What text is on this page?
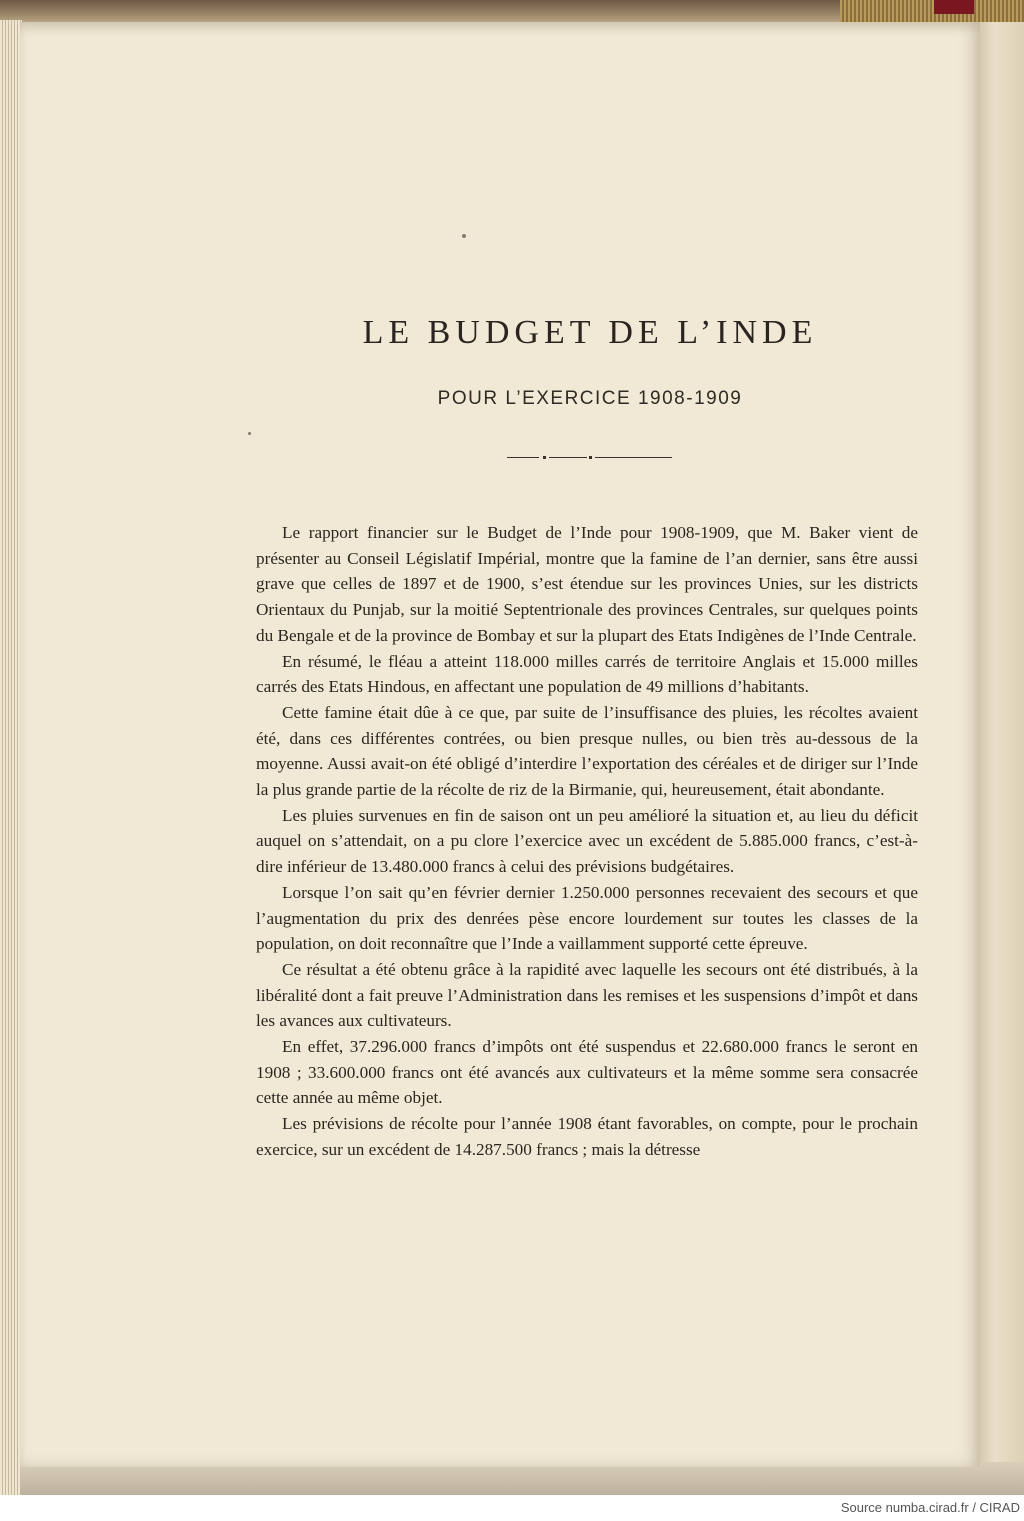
LE BUDGET DE L’INDE
POUR L’EXERCICE 1908-1909

Le rapport financier sur le Budget de l’Inde pour 1908-1909, que M. Baker vient de présenter au Conseil Législatif Impérial, montre que la famine de l’an dernier, sans être aussi grave que celles de 1897 et de 1900, s’est étendue sur les provinces Unies, sur les districts Orientaux du Punjab, sur la moitié Septentrionale des provinces Centrales, sur quelques points du Bengale et de la province de Bombay et sur la plupart des Etats Indigènes de l’Inde Centrale.

En résumé, le fléau a atteint 118.000 milles carrés de territoire Anglais et 15.000 milles carrés des Etats Hindous, en affectant une population de 49 millions d’habitants.

Cette famine était dûe à ce que, par suite de l’insuffisance des pluies, les récoltes avaient été, dans ces différentes contrées, ou bien presque nulles, ou bien très au-dessous de la moyenne. Aussi avait-on été obligé d’interdire l’exportation des céréales et de diriger sur l’Inde la plus grande partie de la récolte de riz de la Birmanie, qui, heureusement, était abondante.

Les pluies survenues en fin de saison ont un peu amélioré la situation et, au lieu du déficit auquel on s’attendait, on a pu clore l’exercice avec un excédent de 5.885.000 francs, c’est-à-dire inférieur de 13.480.000 francs à celui des prévisions budgétaires.

Lorsque l’on sait qu’en février dernier 1.250.000 personnes recevaient des secours et que l’augmentation du prix des denrées pèse encore lourdement sur toutes les classes de la population, on doit reconnaître que l’Inde a vaillamment supporté cette épreuve.

Ce résultat a été obtenu grâce à la rapidité avec laquelle les secours ont été distribués, à la libéralité dont a fait preuve l’Administration dans les remises et les suspensions d’impôt et dans les avances aux cultivateurs.

En effet, 37.296.000 francs d’impôts ont été suspendus et 22.680.000 francs le seront en 1908 ; 33.600.000 francs ont été avancés aux cultivateurs et la même somme sera consacrée cette année au même objet.

Les prévisions de récolte pour l’année 1908 étant favorables, on compte, pour le prochain exercice, sur un excédent de 14.287.500 francs ; mais la détresse

Source numba.cirad.fr / CIRAD
